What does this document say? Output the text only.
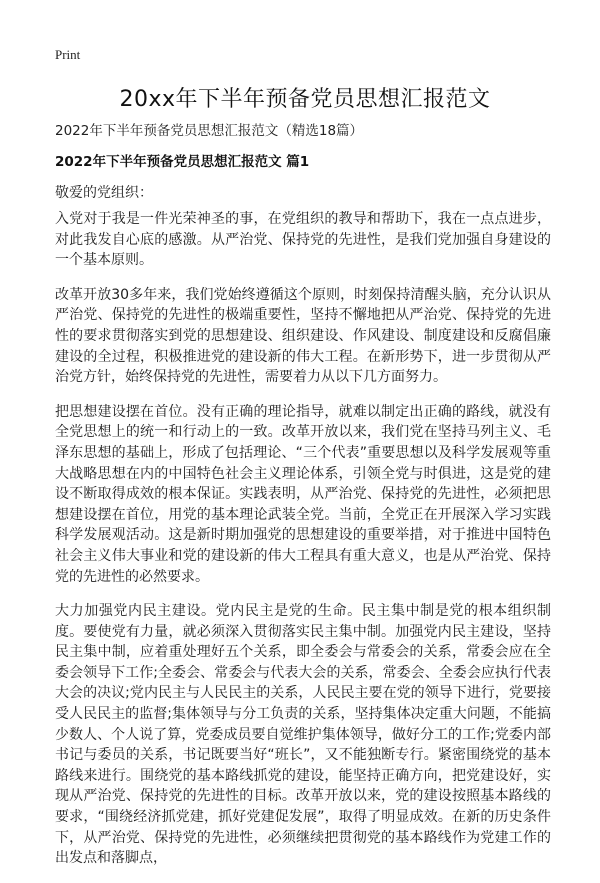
Print
20xx年下半年预备党员思想汇报范文
2022年下半年预备党员思想汇报范文（精选18篇）
2022年下半年预备党员思想汇报范文 篇1
敬爱的党组织：

入党对于我是一件光荣神圣的事，在党组织的教导和帮助下，我在一点点进步，对此我发自心底的感激。从严治党、保持党的先进性，是我们党加强自身建设的一个基本原则。

改革开放30多年来，我们党始终遵循这个原则，时刻保持清醒头脑，充分认识从严治党、保持党的先进性的极端重要性，坚持不懈地把从严治党、保持党的先进性的要求贯彻落实到党的思想建设、组织建设、作风建设、制度建设和反腐倡廉建设的全过程，积极推进党的建设新的伟大工程。在新形势下，进一步贯彻从严治党方针，始终保持党的先进性，需要着力从以下几方面努力。

把思想建设摆在首位。没有正确的理论指导，就难以制定出正确的路线，就没有全党思想上的统一和行动上的一致。改革开放以来，我们党在坚持马列主义、毛泽东思想的基础上，形成了包括理论、“三个代表”重要思想以及科学发展观等重大战略思想在内的中国特色社会主义理论体系，引领全党与时俱进，这是党的建设不断取得成效的根本保证。实践表明，从严治党、保持党的先进性，必须把思想建设摆在首位，用党的基本理论武装全党。当前，全党正在开展深入学习实践科学发展观活动。这是新时期加强党的思想建设的重要举措，对于推进中国特色社会主义伟大事业和党的建设新的伟大工程具有重大意义，也是从严治党、保持党的先进性的必然要求。

大力加强党内民主建设。党内民主是党的生命。民主集中制是党的根本组织制度。要使党有力量，就必须深入贯彻落实民主集中制。加强党内民主建设，坚持民主集中制，应着重处理好五个关系，即全委会与常委会的关系，常委会应在全委会领导下工作;全委会、常委会与代表大会的关系，常委会、全委会应执行代表大会的决议;党内民主与人民民主的关系，人民民主要在党的领导下进行，党要接受人民民主的监督;集体领导与分工负责的关系，坚持集体决定重大问题，不能搞少数人、个人说了算，党委成员要自觉维护集体领导，做好分工的工作;党委内部书记与委员的关系，书记既要当好“班长”，又不能独断专行。紧密围绕党的基本路线来进行。围绕党的基本路线抓党的建设，能坚持正确方向，把党建设好，实现从严治党、保持党的先进性的目标。改革开放以来，党的建设按照基本路线的要求，“围绕经济抓党建，抓好党建促发展”，取得了明显成效。在新的历史条件下，从严治党、保持党的先进性，必须继续把贯彻党的基本路线作为党建工作的出发点和落脚点，
